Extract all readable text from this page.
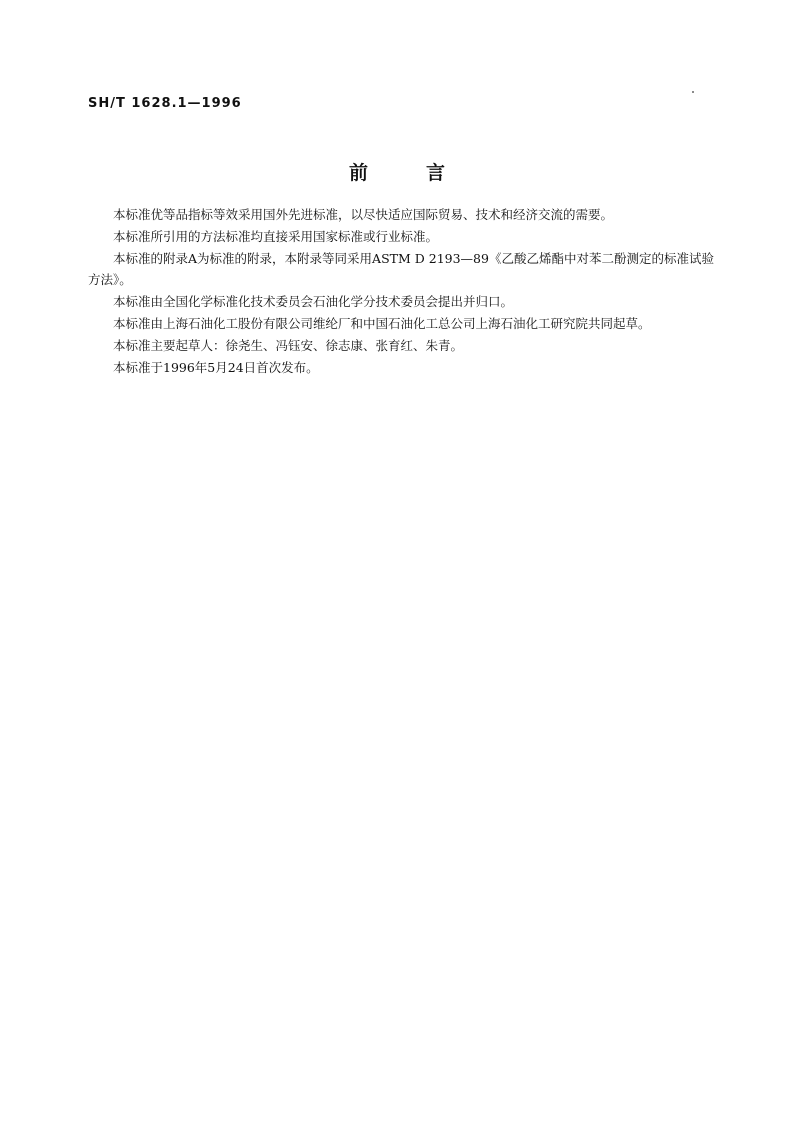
SH/T 1628.1—1996
前	言

本标准优等品指标等效采用国外先进标准，以尽快适应国际贸易、技术和经济交流的需要。

本标准所引用的方法标准均直接采用国家标准或行业标准。

本标准的附录A为标准的附录，本附录等同采用ASTM D 2193—89《乙酸乙烯酯中对苯二酚测定的标准试验方法》。

本标准由全国化学标准化技术委员会石油化学分技术委员会提出并归口。

本标准由上海石油化工股份有限公司维纶厂和中国石油化工总公司上海石油化工研究院共同起草。

本标准主要起草人：徐尧生、冯钰安、徐志康、张育红、朱青。

本标准于1996年5月24日首次发布。
